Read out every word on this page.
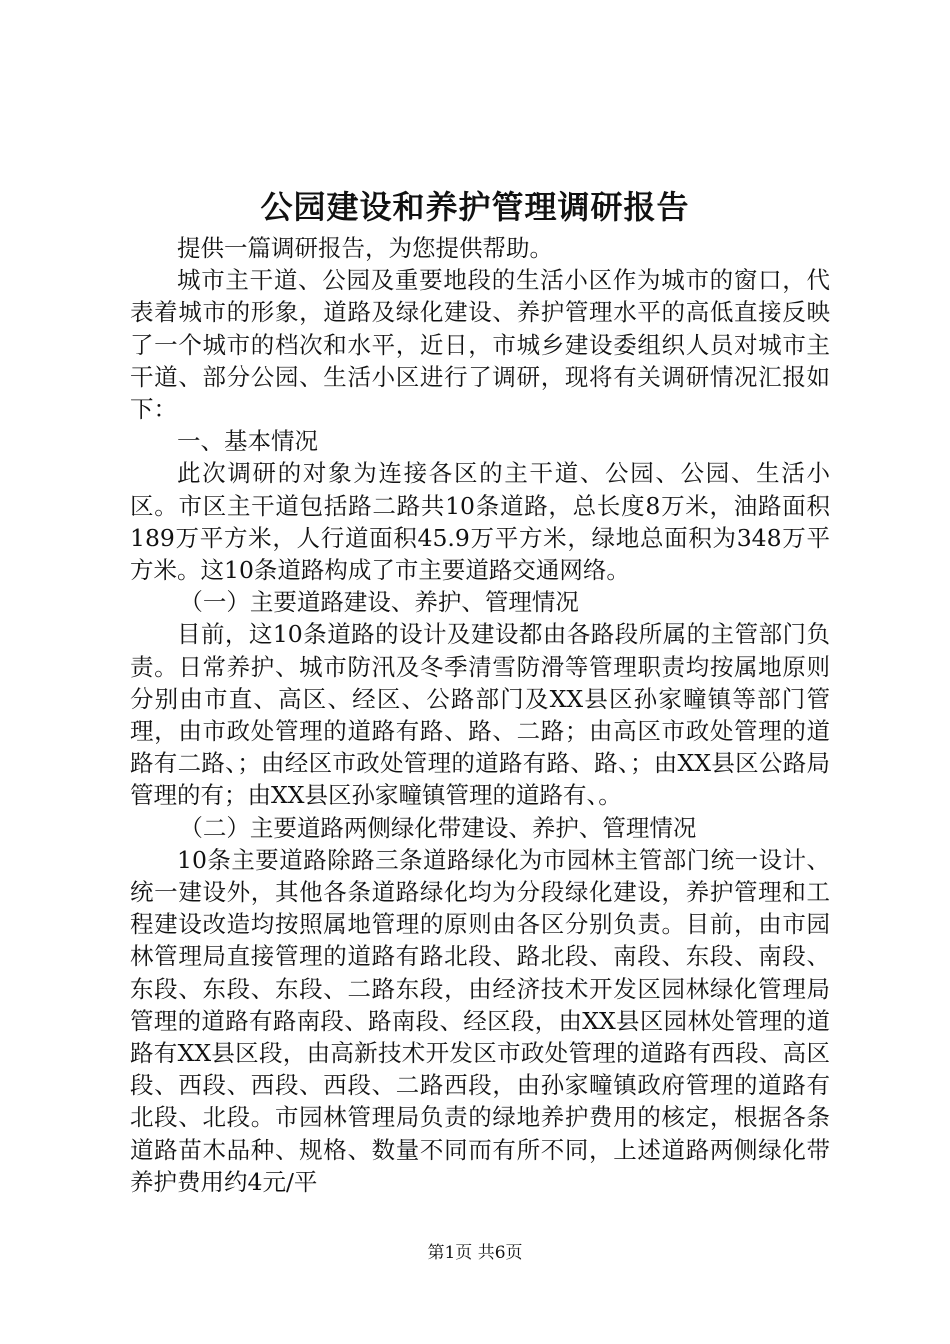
公园建设和养护管理调研报告

提供一篇调研报告，为您提供帮助。

城市主干道、公园及重要地段的生活小区作为城市的窗口，代表着城市的形象，道路及绿化建设、养护管理水平的高低直接反映了一个城市的档次和水平，近日，市城乡建设委组织人员对城市主干道、部分公园、生活小区进行了调研，现将有关调研情况汇报如下：

一、基本情况

此次调研的对象为连接各区的主干道、公园、公园、生活小区。市区主干道包括路二路共10条道路，总长度8万米，油路面积189万平方米，人行道面积45.9万平方米，绿地总面积为348万平方米。这10条道路构成了市主要道路交通网络。

（一）主要道路建设、养护、管理情况

目前，这10条道路的设计及建设都由各路段所属的主管部门负责。日常养护、城市防汛及冬季清雪防滑等管理职责均按属地原则分别由市直、高区、经区、公路部门及XX县区孙家疃镇等部门管理，由市政处管理的道路有路、路、二路；由高区市政处管理的道路有二路、；由经区市政处管理的道路有路、路、；由XX县区公路局管理的有；由XX县区孙家疃镇管理的道路有、。

（二）主要道路两侧绿化带建设、养护、管理情况

10条主要道路除路三条道路绿化为市园林主管部门统一设计、统一建设外，其他各条道路绿化均为分段绿化建设，养护管理和工程建设改造均按照属地管理的原则由各区分别负责。目前，由市园林管理局直接管理的道路有路北段、路北段、南段、东段、南段、东段、东段、东段、二路东段，由经济技术开发区园林绿化管理局管理的道路有路南段、路南段、经区段，由XX县区园林处管理的道路有XX县区段，由高新技术开发区市政处管理的道路有西段、高区段、西段、西段、西段、二路西段，由孙家疃镇政府管理的道路有北段、北段。市园林管理局负责的绿地养护费用的核定，根据各条道路苗木品种、规格、数量不同而有所不同，上述道路两侧绿化带养护费用约4元/平

第1页 共6页
